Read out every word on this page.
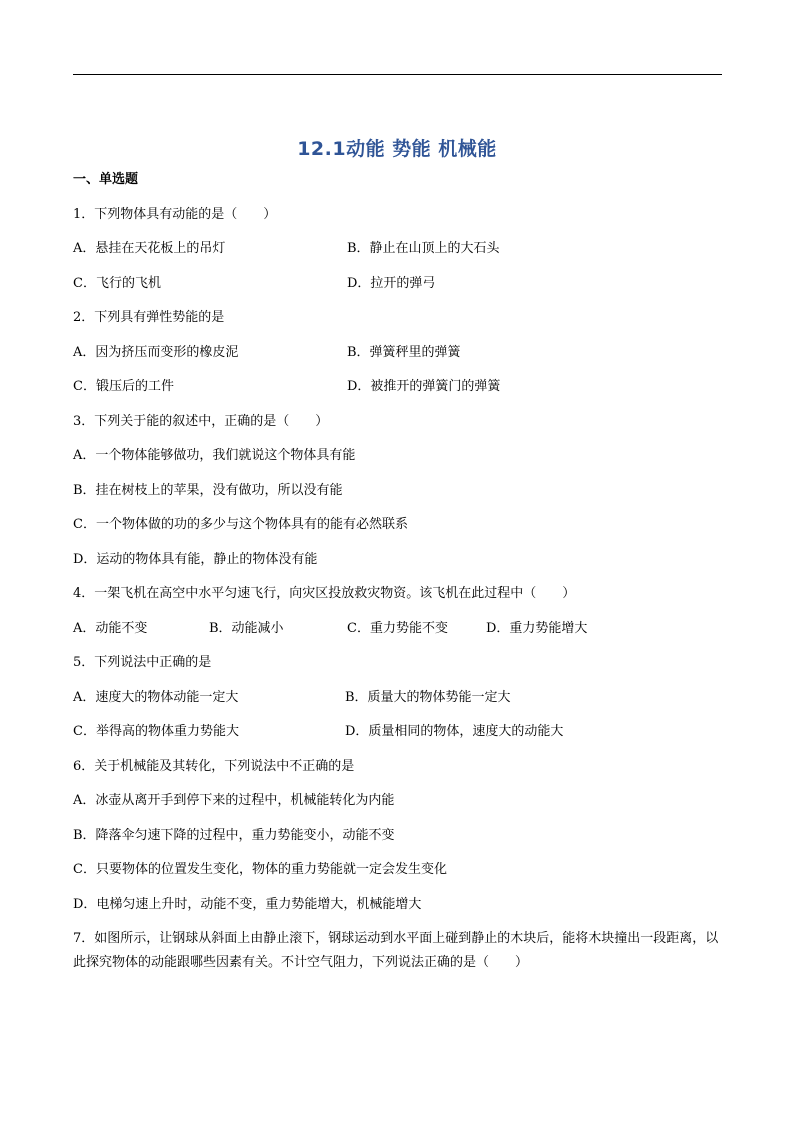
12.1动能 势能 机械能
一、单选题
1．下列物体具有动能的是（　　）
A．悬挂在天花板上的吊灯	B．静止在山顶上的大石头
C．飞行的飞机	D．拉开的弹弓
2．下列具有弹性势能的是
A．因为挤压而变形的橡皮泥	B．弹簧秤里的弹簧
C．锻压后的工件	D．被推开的弹簧门的弹簧
3．下列关于能的叙述中，正确的是（　　）
A．一个物体能够做功，我们就说这个物体具有能
B．挂在树枝上的苹果，没有做功，所以没有能
C．一个物体做的功的多少与这个物体具有的能有必然联系
D．运动的物体具有能，静止的物体没有能
4．一架飞机在高空中水平匀速飞行，向灾区投放救灾物资。该飞机在此过程中（　　）
A．动能不变	B．动能减小	C．重力势能不变	D．重力势能增大
5．下列说法中正确的是
A．速度大的物体动能一定大	B．质量大的物体势能一定大
C．举得高的物体重力势能大	D．质量相同的物体，速度大的动能大
6．关于机械能及其转化，下列说法中不正确的是
A．冰壶从离开手到停下来的过程中，机械能转化为内能
B．降落伞匀速下降的过程中，重力势能变小，动能不变
C．只要物体的位置发生变化，物体的重力势能就一定会发生变化
D．电梯匀速上升时，动能不变，重力势能增大，机械能增大
7．如图所示，让钢球从斜面上由静止滚下，钢球运动到水平面上碰到静止的木块后，能将木块撞出一段距离，以此探究物体的动能跟哪些因素有关。不计空气阻力，下列说法正确的是（　　）
